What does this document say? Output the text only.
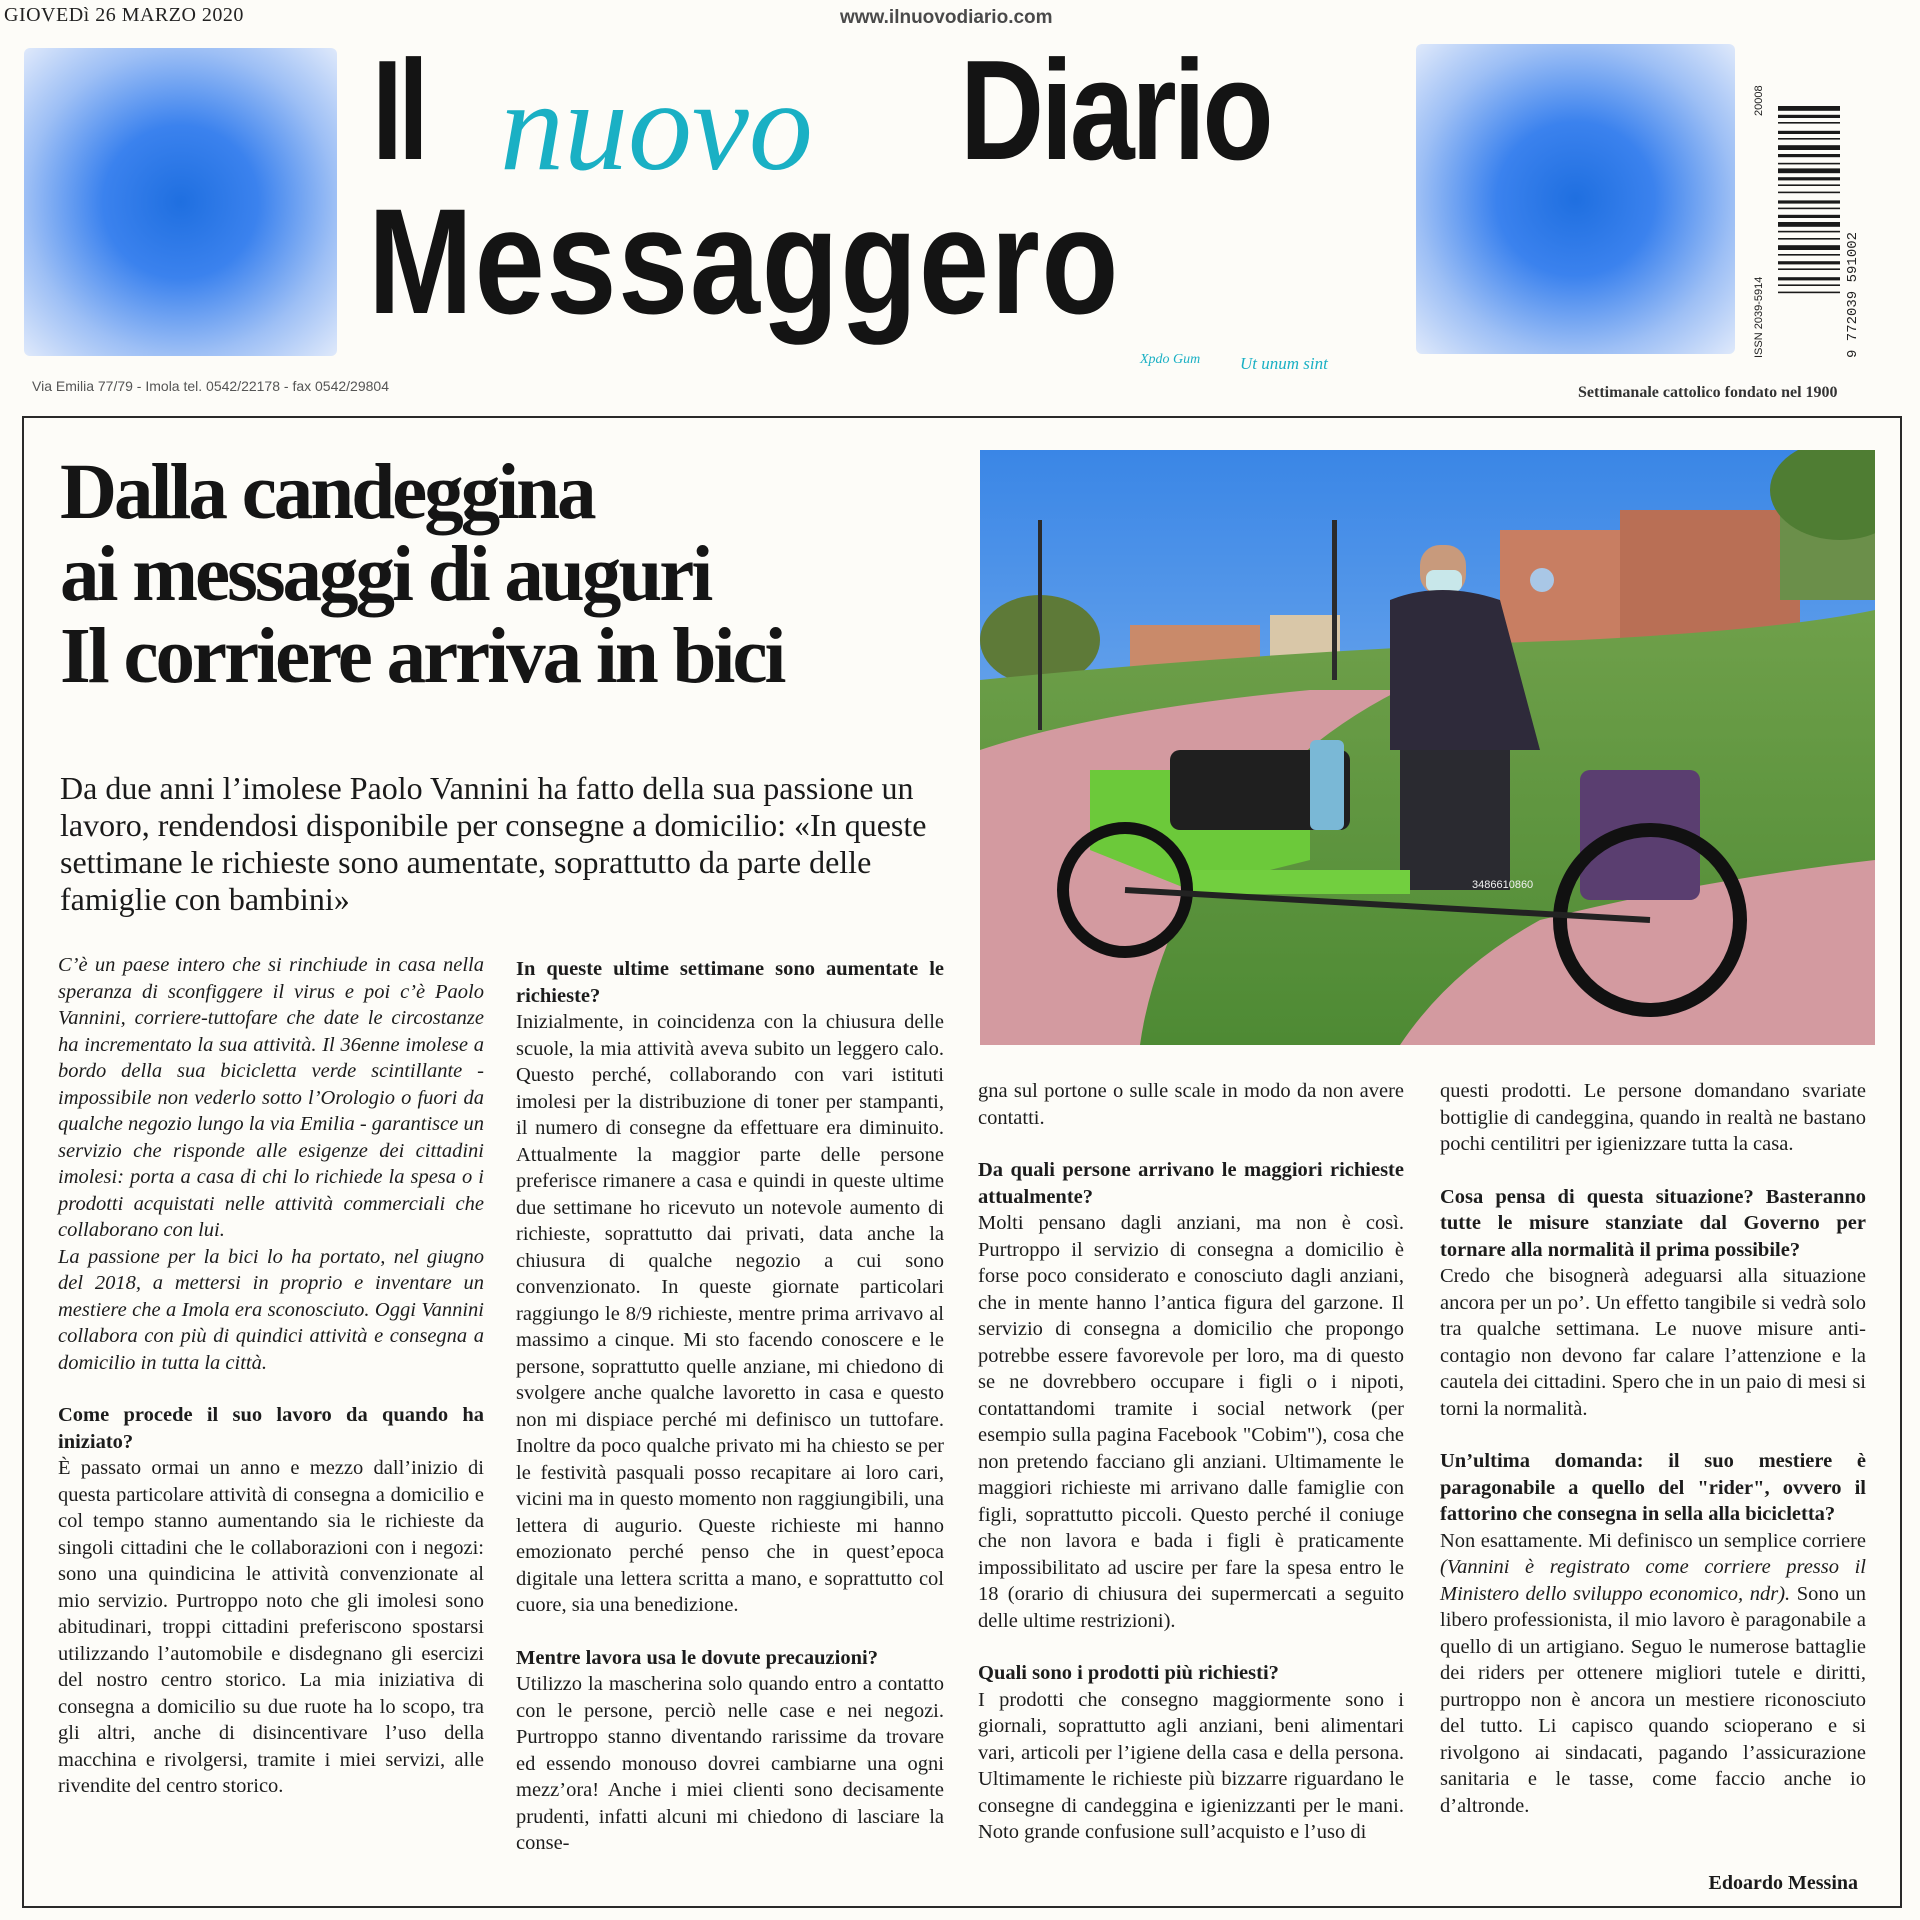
GIOVEDì 26 MARZO 2020	www.ilnuovodiario.com
Il nuovo Diario
Messaggero
Xpdo Gum Ut unum sint
9 772039 591002
ISSN 2039-5914
20008
Via Emilia 77/79 - Imola tel. 0542/22178 - fax 0542/29804	Settimanale cattolico fondato nel 1900
Dalla candeggina
ai messaggi di auguri
Il corriere arriva in bici
Da due anni l’imolese Paolo Vannini ha fatto della sua passione un lavoro, rendendosi disponibile per consegne a domicilio: «In queste settimane le richieste sono aumentate, soprattutto da parte delle famiglie con bambini»	3486610860

C’è un paese intero che si rinchiude in casa nella speranza di sconfiggere il virus e poi c’è Paolo Vannini, corriere-tuttofare che date le circostanze ha incrementato la sua attività. Il 36enne imolese a bordo della sua bicicletta verde scintillante - impossibile non vederlo sotto l’Orologio o fuori da qualche negozio lungo la via Emilia - garantisce un servizio che risponde alle esigenze dei cittadini imolesi: porta a casa di chi lo richiede la spesa o i prodotti acquistati nelle attività commerciali che collaborano con lui.

La passione per la bici lo ha portato, nel giugno del 2018, a mettersi in proprio e inventare un mestiere che a Imola era sconosciuto. Oggi Vannini collabora con più di quindici attività e consegna a domicilio in tutta la città.

Come procede il suo lavoro da quando ha iniziato?

È passato ormai un anno e mezzo dall’inizio di questa particolare attività di consegna a domicilio e col tempo stanno aumentando sia le richieste da singoli cittadini che le collaborazioni con i negozi: sono una quindicina le attività convenzionate al mio servizio. Purtroppo noto che gli imolesi sono abitudinari, troppi cittadini preferiscono spostarsi utilizzando l’automobile e disdegnano gli esercizi del nostro centro storico. La mia iniziativa di consegna a domicilio su due ruote ha lo scopo, tra gli altri, anche di disincentivare l’uso della macchina e rivolgersi, tramite i miei servizi, alle rivendite del centro storico.

In queste ultime settimane sono aumentate le richieste?

Inizialmente, in coincidenza con la chiusura delle scuole, la mia attività aveva subito un leggero calo. Questo perché, collaborando con vari istituti imolesi per la distribuzione di toner per stampanti, il numero di consegne da effettuare era diminuito. Attualmente la maggior parte delle persone preferisce rimanere a casa e quindi in queste ultime due settimane ho ricevuto un notevole aumento di richieste, soprattutto dai privati, data anche la chiusura di qualche negozio a cui sono convenzionato. In queste giornate particolari raggiungo le 8/9 richieste, mentre prima arrivavo al massimo a cinque. Mi sto facendo conoscere e le persone, soprattutto quelle anziane, mi chiedono di svolgere anche qualche lavoretto in casa e questo non mi dispiace perché mi definisco un tuttofare. Inoltre da poco qualche privato mi ha chiesto se per le festività pasquali posso recapitare ai loro cari, vicini ma in questo momento non raggiungibili, una lettera di augurio. Queste richieste mi hanno emozionato perché penso che in quest’epoca digitale una lettera scritta a mano, e soprattutto col cuore, sia una benedizione.

Mentre lavora usa le dovute precauzioni?

Utilizzo la mascherina solo quando entro a contatto con le persone, perciò nelle case e nei negozi. Purtroppo stanno diventando rarissime da trovare ed essendo monouso dovrei cambiarne una ogni mezz’ora! Anche i miei clienti sono decisamente prudenti, infatti alcuni mi chiedono di lasciare la conse-

gna sul portone o sulle scale in modo da non avere contatti.

Da quali persone arrivano le maggiori richieste attualmente?

Molti pensano dagli anziani, ma non è così. Purtroppo il servizio di consegna a domicilio è forse poco considerato e conosciuto dagli anziani, che in mente hanno l’antica figura del garzone. Il servizio di consegna a domicilio che propongo potrebbe essere favorevole per loro, ma di questo se ne dovrebbero occupare i figli o i nipoti, contattandomi tramite i social network (per esempio sulla pagina Facebook "Cobim"), cosa che non pretendo facciano gli anziani. Ultimamente le maggiori richieste mi arrivano dalle famiglie con figli, soprattutto piccoli. Questo perché il coniuge che non lavora e bada i figli è praticamente impossibilitato ad uscire per fare la spesa entro le 18 (orario di chiusura dei supermercati a seguito delle ultime restrizioni).

Quali sono i prodotti più richiesti?

I prodotti che consegno maggiormente sono i giornali, soprattutto agli anziani, beni alimentari vari, articoli per l’igiene della casa e della persona. Ultimamente le richieste più bizzarre riguardano le consegne di candeggina e igienizzanti per le mani. Noto grande confusione sull’acquisto e l’uso di

questi prodotti. Le persone domandano svariate bottiglie di candeggina, quando in realtà ne bastano pochi centilitri per igienizzare tutta la casa.

Cosa pensa di questa situazione? Basteranno tutte le misure stanziate dal Governo per tornare alla normalità il prima possibile?

Credo che bisognerà adeguarsi alla situazione ancora per un po’. Un effetto tangibile si vedrà solo tra qualche settimana. Le nuove misure anti-contagio non devono far calare l’attenzione e la cautela dei cittadini. Spero che in un paio di mesi si torni la normalità.

Un’ultima domanda: il suo mestiere è paragonabile a quello del "rider", ovvero il fattorino che consegna in sella alla bicicletta?

Non esattamente. Mi definisco un semplice corriere (Vannini è registrato come corriere presso il Ministero dello sviluppo economico, ndr). Sono un libero professionista, il mio lavoro è paragonabile a quello di un artigiano. Seguo le numerose battaglie dei riders per ottenere migliori tutele e diritti, purtroppo non è ancora un mestiere riconosciuto del tutto. Li capisco quando scioperano e si rivolgono ai sindacati, pagando l’assicurazione sanitaria e le tasse, come faccio anche io d’altronde.

Edoardo Messina
